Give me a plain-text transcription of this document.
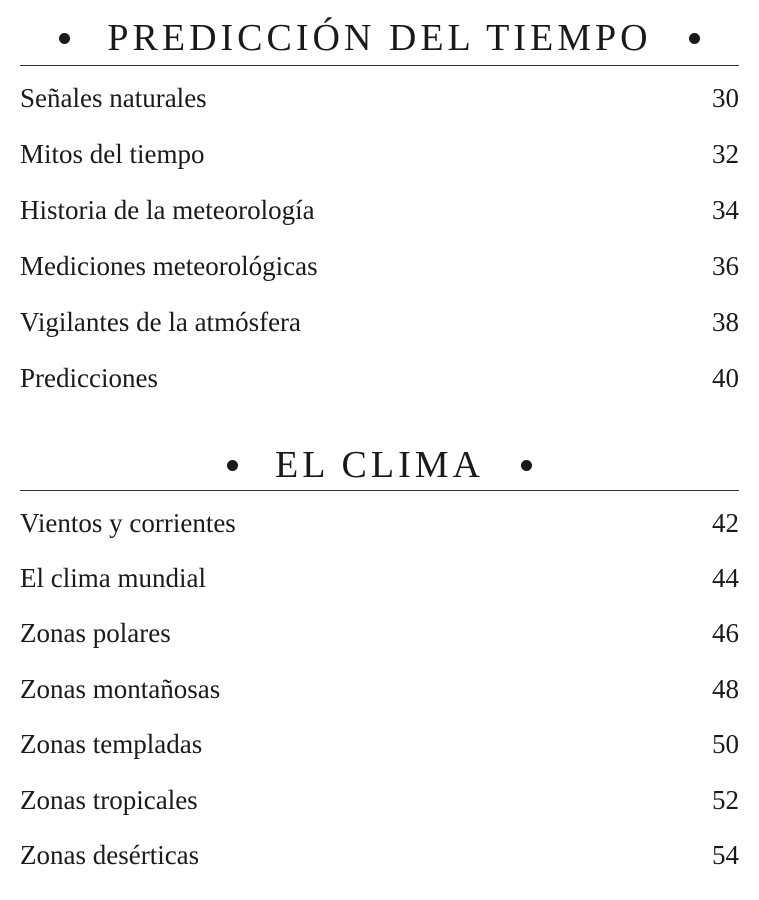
PREDICCIÓN DEL TIEMPO
Señales naturales	30
Mitos del tiempo	32
Historia de la meteorología	34
Mediciones meteorológicas	36
Vigilantes de la atmósfera	38
Predicciones	40
EL CLIMA
Vientos y corrientes	42
El clima mundial	44
Zonas polares	46
Zonas montañosas	48
Zonas templadas	50
Zonas tropicales	52
Zonas desérticas	54
